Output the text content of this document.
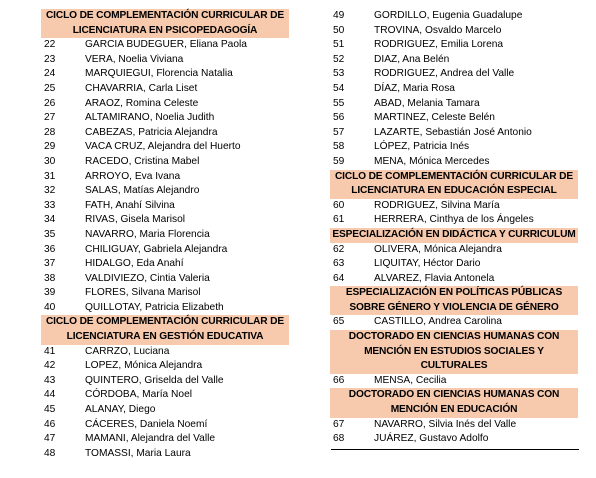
CICLO DE COMPLEMENTACIÓN CURRICULAR DE
LICENCIATURA EN PSICOPEDAGOGÍA
22	GARCIA BUDEGUER, Eliana Paola
23	VERA, Noelia Viviana
24	MARQUIEGUI, Florencia Natalia
25	CHAVARRIA, Carla Liset
26	ARAOZ, Romina Celeste
27	ALTAMIRANO, Noelia Judith
28	CABEZAS, Patricia Alejandra
29	VACA CRUZ, Alejandra del Huerto
30	RACEDO, Cristina Mabel
31	ARROYO, Eva Ivana
32	SALAS, Matías Alejandro
33	FATH, Anahí Silvina
34	RIVAS, Gisela Marisol
35	NAVARRO, Maria Florencia
36	CHILIGUAY, Gabriela Alejandra
37	HIDALGO, Eda Anahí
38	VALDIVIEZO, Cintia Valeria
39	FLORES, Silvana Marisol
40	QUILLOTAY, Patricia Elizabeth
CICLO DE COMPLEMENTACIÓN CURRICULAR DE
LICENCIATURA EN GESTIÓN EDUCATIVA
41	CARRZO, Luciana
42	LOPEZ, Mónica Alejandra
43	QUINTERO, Griselda del Valle
44	CÓRDOBA, María Noel
45	ALANAY, Diego
46	CÁCERES, Daniela Noemí
47	MAMANI, Alejandra del Valle
48	TOMASSI, Maria Laura
49	GORDILLO, Eugenia Guadalupe
50	TROVINA, Osvaldo Marcelo
51	RODRIGUEZ, Emilia Lorena
52	DIAZ, Ana Belén
53	RODRIGUEZ, Andrea del Valle
54	DÍAZ, Maria Rosa
55	ABAD, Melania Tamara
56	MARTINEZ, Celeste Belén
57	LAZARTE, Sebastián José Antonio
58	LÓPEZ, Patricia Inés
59	MENA, Mónica Mercedes
CICLO DE COMPLEMENTACIÓN CURRICULAR DE
LICENCIATURA EN EDUCACIÓN ESPECIAL
60	RODRIGUEZ, Silvina María
61	HERRERA, Cinthya de los Ángeles
ESPECIALIZACIÓN EN DIDÁCTICA Y CURRICULUM
62	OLIVERA, Mónica Alejandra
63	LIQUITAY, Héctor Dario
64	ALVAREZ, Flavia Antonela
ESPECIALIZACIÓN EN POLÍTICAS PÚBLICAS
SOBRE GÉNERO Y VIOLENCIA DE GÉNERO
65	CASTILLO, Andrea Carolina
DOCTORADO EN CIENCIAS HUMANAS CON
MENCIÓN EN ESTUDIOS SOCIALES Y
CULTURALES
66	MENSA, Cecilia
DOCTORADO EN CIENCIAS HUMANAS CON
MENCIÓN EN EDUCACIÓN
67	NAVARRO, Silvia Inés del Valle
68	JUÁREZ, Gustavo Adolfo
